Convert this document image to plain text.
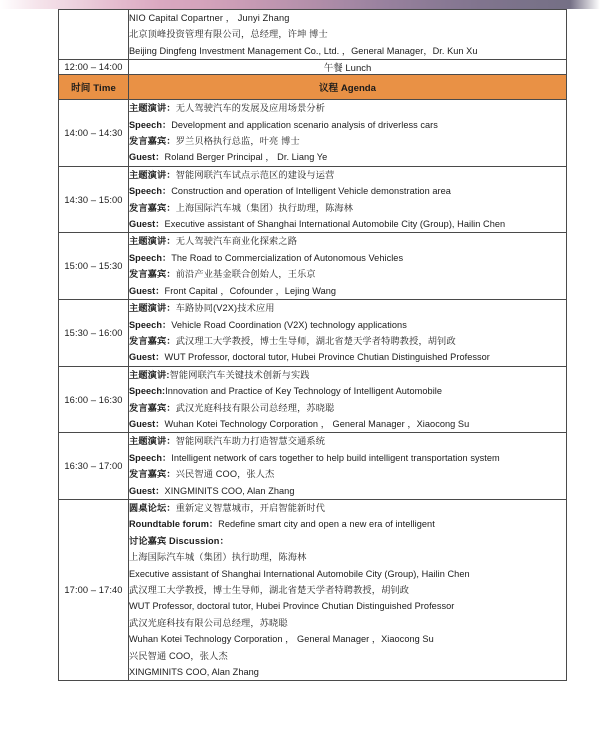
	NIO Capital Copartner ， Junyi Zhang
北京顶峰投资管理有限公司，总经理，许坤 博士
Beijing Dingfeng Investment Management Co., Ltd. ，General Manager，Dr. Kun Xu

12:00 – 14:00	午餐 Lunch
时间 Time	议程 Agenda
14:00 – 14:30	主题演讲：无人驾驶汽车的发展及应用场景分析
Speech：Development and application scenario analysis of driverless cars
发言嘉宾：罗兰贝格执行总监，叶亮 博士
Guest：Roland Berger Principal ， Dr. Liang Ye

14:30 – 15:00	主题演讲：智能网联汽车试点示范区的建设与运营
Speech：Construction and operation of Intelligent Vehicle demonstration area
发言嘉宾：上海国际汽车城（集团）执行助理，陈海林
Guest：Executive assistant of Shanghai International Automobile City (Group), Hailin Chen

15:00 – 15:30	主题演讲：无人驾驶汽车商业化探索之路
Speech：The Road to Commercialization of Autonomous Vehicles
发言嘉宾：前沿产业基金联合创始人，王乐京
Guest：Front Capital ，Cofounder ，Lejing Wang

15:30 – 16:00	主题演讲：车路协同(V2X)技术应用
Speech：Vehicle Road Coordination (V2X) technology applications
发言嘉宾：武汉理工大学教授，博士生导师，湖北省楚天学者特聘教授，胡钊政
Guest：WUT Professor, doctoral tutor, Hubei Province Chutian Distinguished Professor

16:00 – 16:30	主题演讲:智能网联汽车关键技术创新与实践
Speech:Innovation and Practice of Key Technology of Intelligent Automobile
发言嘉宾：武汉光庭科技有限公司总经理，苏晓聪
Guest：Wuhan Kotei Technology Corporation ， General Manager ，Xiaocong Su

16:30 – 17:00	主题演讲：智能网联汽车助力打造智慧交通系统
Speech：Intelligent network of cars together to help build intelligent transportation system
发言嘉宾：兴民智通 COO，张人杰
Guest：XINGMINITS COO, Alan Zhang

17:00 – 17:40	
圆桌论坛：重新定义智慧城市，开启智能新时代
Roundtable forum：Redefine smart city and open a new era of intelligent
讨论嘉宾 Discussion：
上海国际汽车城（集团）执行助理，陈海林
Executive assistant of Shanghai International Automobile City (Group), Hailin Chen
武汉理工大学教授，博士生导师，湖北省楚天学者特聘教授，胡钊政
WUT Professor, doctoral tutor, Hubei Province Chutian Distinguished Professor
武汉光庭科技有限公司总经理，苏晓聪
Wuhan Kotei Technology Corporation ， General Manager ，Xiaocong Su
兴民智通 COO，张人杰
XINGMINITS COO, Alan Zhang
